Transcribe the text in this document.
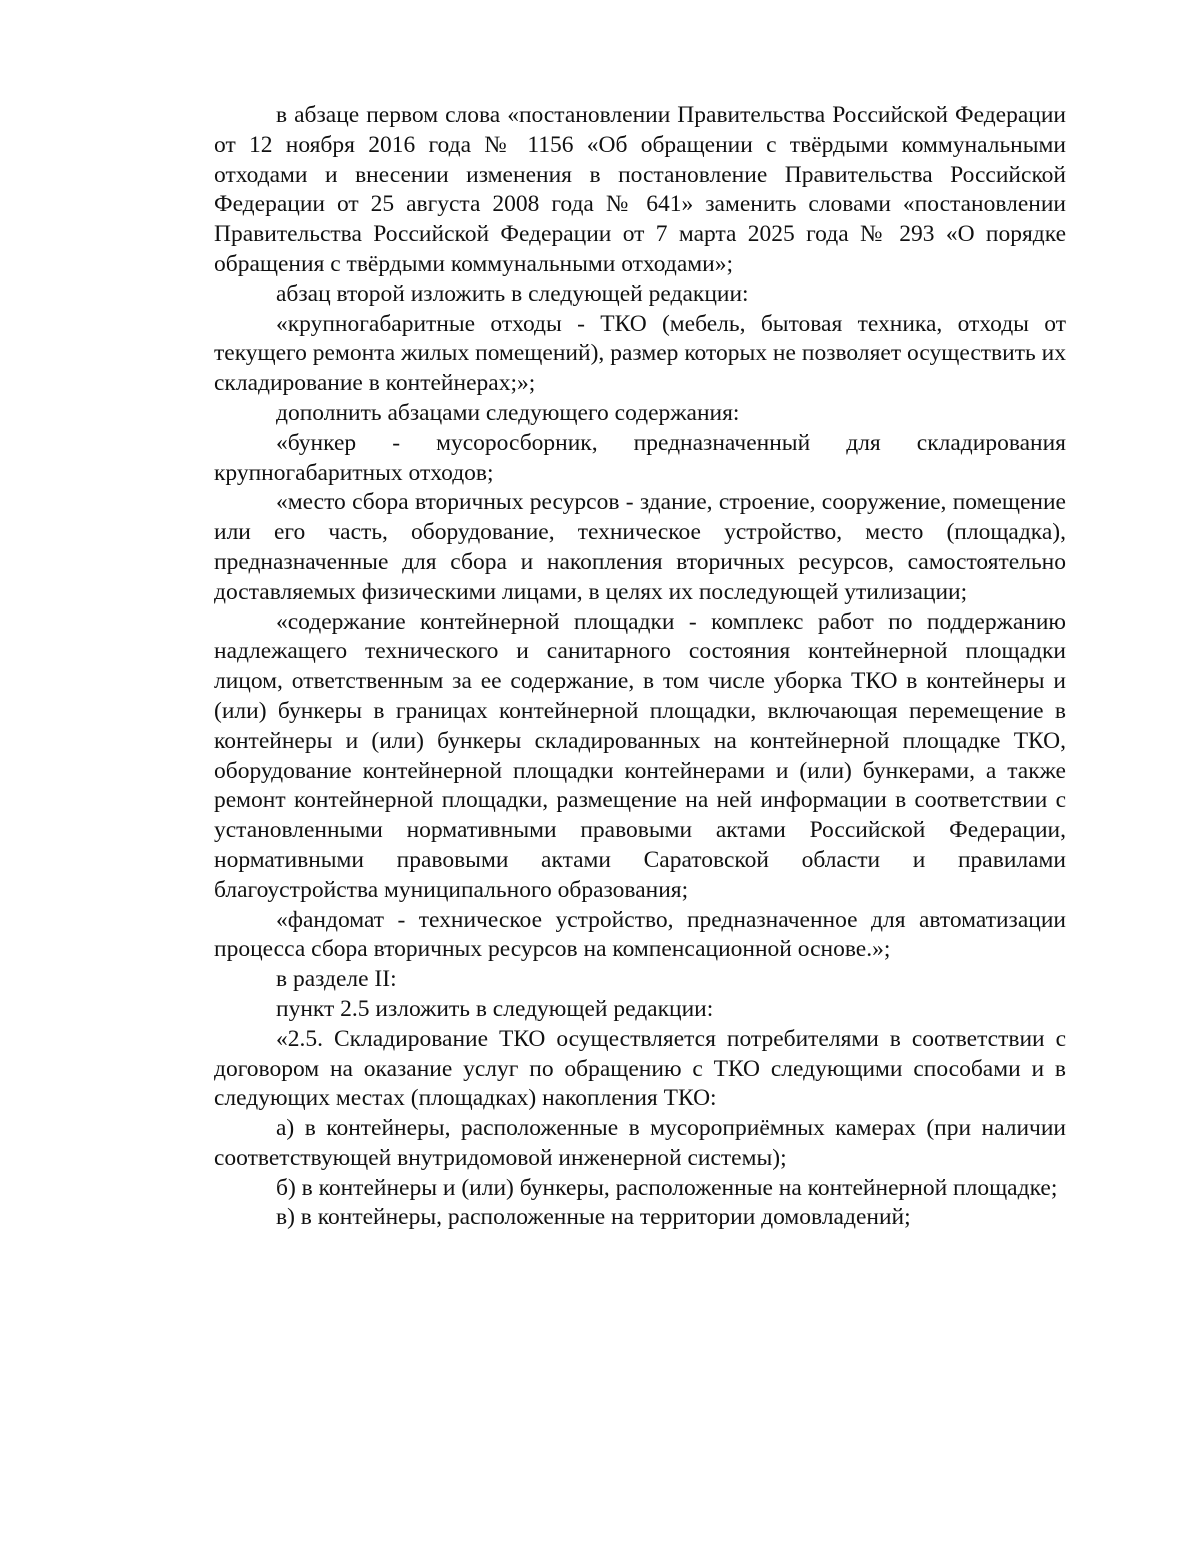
в абзаце первом слова «постановлении Правительства Российской Федерации от 12 ноября 2016 года № 1156 «Об обращении с твёрдыми коммунальными отходами и внесении изменения в постановление Правительства Российской Федерации от 25 августа 2008 года № 641» заменить словами «постановлении Правительства Российской Федерации от 7 марта 2025 года № 293 «О порядке обращения с твёрдыми коммунальными отходами»;

абзац второй изложить в следующей редакции:

«крупногабаритные отходы - ТКО (мебель, бытовая техника, отходы от текущего ремонта жилых помещений), размер которых не позволяет осуществить их складирование в контейнерах;»;

дополнить абзацами следующего содержания:

«бункер - мусоросборник, предназначенный для складирования крупногабаритных отходов;

«место сбора вторичных ресурсов - здание, строение, сооружение, помещение или его часть, оборудование, техническое устройство, место (площадка), предназначенные для сбора и накопления вторичных ресурсов, самостоятельно доставляемых физическими лицами, в целях их последующей утилизации;

«содержание контейнерной площадки - комплекс работ по поддержанию надлежащего технического и санитарного состояния контейнерной площадки лицом, ответственным за ее содержание, в том числе уборка ТКО в контейнеры и (или) бункеры в границах контейнерной площадки, включающая перемещение в контейнеры и (или) бункеры складированных на контейнерной площадке ТКО, оборудование контейнерной площадки контейнерами и (или) бункерами, а также ремонт контейнерной площадки, размещение на ней информации в соответствии с установленными нормативными правовыми актами Российской Федерации, нормативными правовыми актами Саратовской области и правилами благоустройства муниципального образования;

«фандомат - техническое устройство, предназначенное для автоматизации процесса сбора вторичных ресурсов на компенсационной основе.»;

в разделе II:

пункт 2.5 изложить в следующей редакции:

«2.5. Складирование ТКО осуществляется потребителями в соответствии с договором на оказание услуг по обращению с ТКО следующими способами и в следующих местах (площадках) накопления ТКО:

а) в контейнеры, расположенные в мусороприёмных камерах (при наличии соответствующей внутридомовой инженерной системы);

б) в контейнеры и (или) бункеры, расположенные на контейнерной площадке;

в) в контейнеры, расположенные на территории домовладений;
